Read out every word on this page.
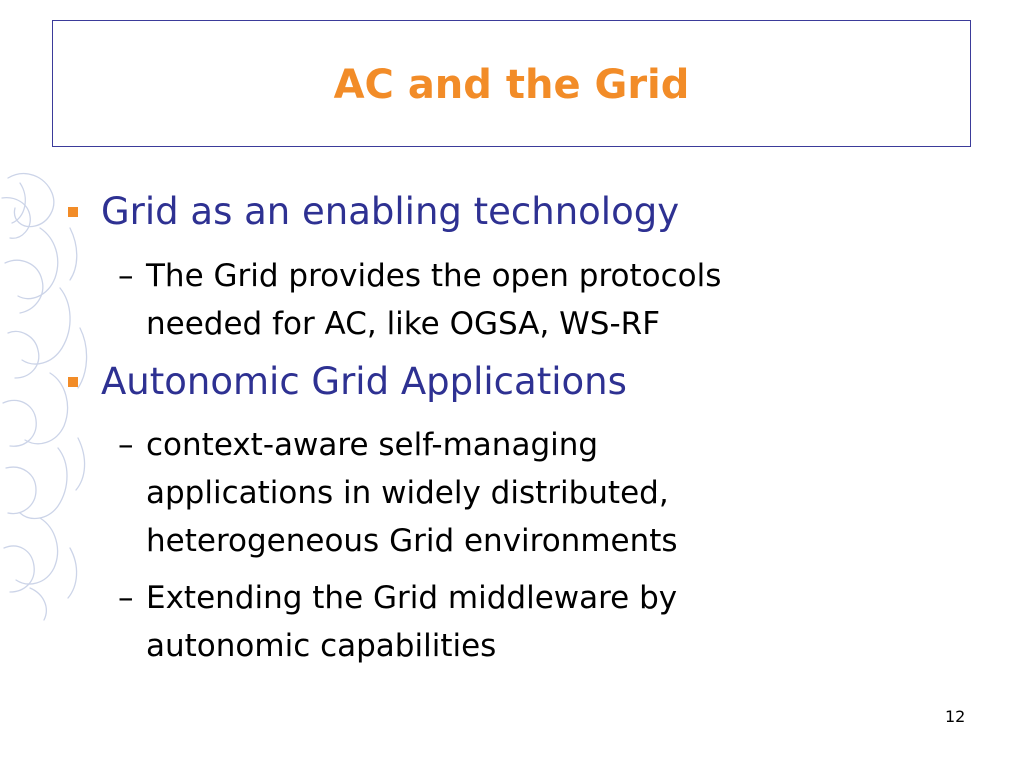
AC and the Grid
Grid as an enabling technology
– The Grid provides the open protocols
needed for AC, like OGSA, WS-RF
Autonomic Grid Applications
– context-aware self-managing
applications in widely distributed,
heterogeneous Grid environments
– Extending the Grid middleware by
autonomic capabilities
12
